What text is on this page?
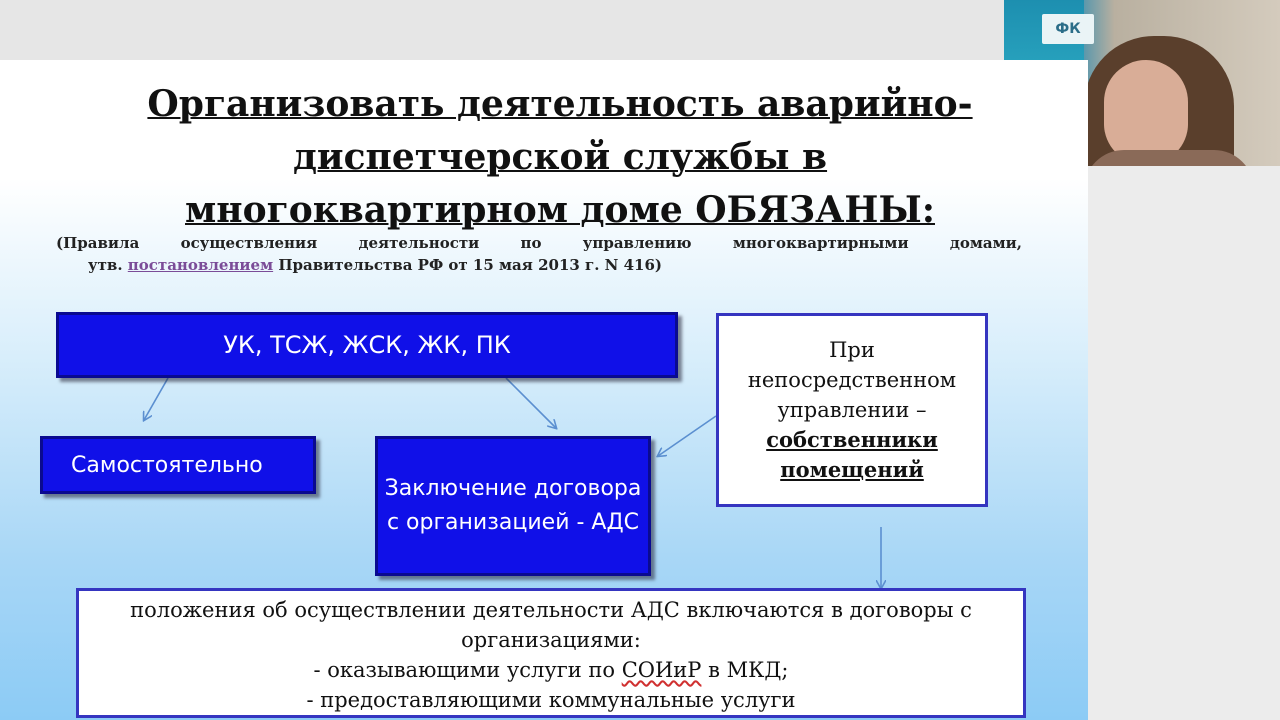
ФК
Организовать деятельность аварийно-диспетчерской службы в многоквартирном доме ОБЯЗАНЫ:
(Правила	осуществления	деятельности	по	управлению	многоквартирными	домами,
утв. постановлением Правительства РФ от 15 мая 2013 г. N 416)
УК, ТСЖ, ЖСК, ЖК, ПК
Самостоятельно
Заключение договора с организацией - АДС
При
непосредственном
управлении –
собственники
помещений
положения об осуществлении деятельности АДС включаются в договоры с
организациями:
- оказывающими услуги по СОИиР в МКД;
- предоставляющими коммунальные услуги
